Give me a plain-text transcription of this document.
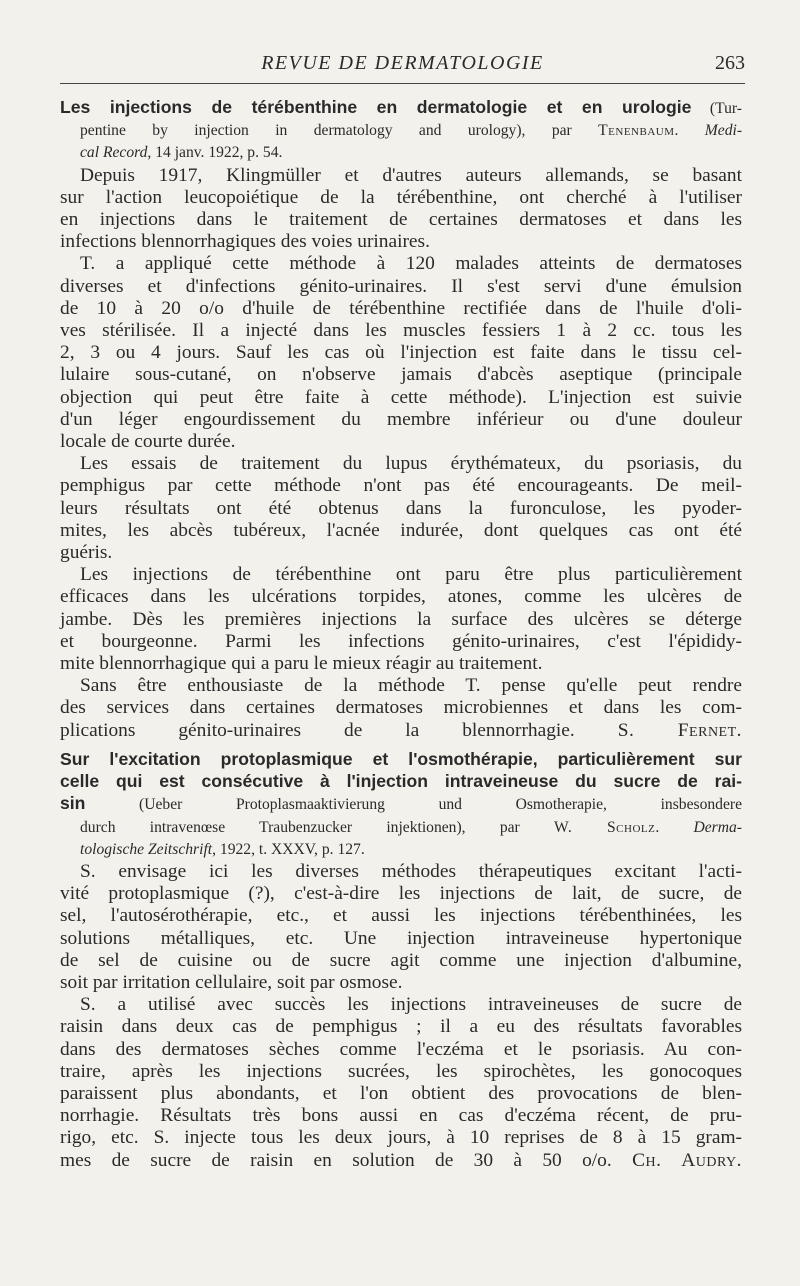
REVUE DE DERMATOLOGIE	263
Les injections de térébenthine en dermatologie et en urologie (Tur-
pentine by injection in dermatology and urology), par Tenenbaum. Medi-
cal Record, 14 janv. 1922, p. 54.
Depuis 1917, Klingmüller et d'autres auteurs allemands, se basant
sur l'action leucopoiétique de la térébenthine, ont cherché à l'utiliser
en injections dans le traitement de certaines dermatoses et dans les
infections blennorrhagiques des voies urinaires.
T. a appliqué cette méthode à 120 malades atteints de dermatoses
diverses et d'infections génito-urinaires. Il s'est servi d'une émulsion
de 10 à 20 o/o d'huile de térébenthine rectifiée dans de l'huile d'oli-
ves stérilisée. Il a injecté dans les muscles fessiers 1 à 2 cc. tous les
2, 3 ou 4 jours. Sauf les cas où l'injection est faite dans le tissu cel-
lulaire sous-cutané, on n'observe jamais d'abcès aseptique (principale
objection qui peut être faite à cette méthode). L'injection est suivie
d'un léger engourdissement du membre inférieur ou d'une douleur
locale de courte durée.
Les essais de traitement du lupus érythémateux, du psoriasis, du
pemphigus par cette méthode n'ont pas été encourageants. De meil-
leurs résultats ont été obtenus dans la furonculose, les pyoder-
mites, les abcès tubéreux, l'acnée indurée, dont quelques cas ont été
guéris.
Les injections de térébenthine ont paru être plus particulièrement
efficaces dans les ulcérations torpides, atones, comme les ulcères de
jambe. Dès les premières injections la surface des ulcères se déterge
et bourgeonne. Parmi les infections génito-urinaires, c'est l'épididy-
mite blennorrhagique qui a paru le mieux réagir au traitement.
Sans être enthousiaste de la méthode T. pense qu'elle peut rendre
des services dans certaines dermatoses microbiennes et dans les com-
plications génito-urinaires de la blennorrhagie. S. Fernet.
Sur l'excitation protoplasmique et l'osmothérapie, particulièrement sur
celle qui est consécutive à l'injection intraveineuse du sucre de rai-
sin (Ueber Protoplasmaaktivierung und Osmotherapie, insbesondere
durch intravenœse Traubenzucker injektionen), par W. Scholz. Derma-
tologische Zeitschrift, 1922, t. XXXV, p. 127.
S. envisage ici les diverses méthodes thérapeutiques excitant l'acti-
vité protoplasmique (?), c'est-à-dire les injections de lait, de sucre, de
sel, l'autosérothérapie, etc., et aussi les injections térébenthinées, les
solutions métalliques, etc. Une injection intraveineuse hypertonique
de sel de cuisine ou de sucre agit comme une injection d'albumine,
soit par irritation cellulaire, soit par osmose.
S. a utilisé avec succès les injections intraveineuses de sucre de
raisin dans deux cas de pemphigus ; il a eu des résultats favorables
dans des dermatoses sèches comme l'eczéma et le psoriasis. Au con-
traire, après les injections sucrées, les spirochètes, les gonocoques
paraissent plus abondants, et l'on obtient des provocations de blen-
norrhagie. Résultats très bons aussi en cas d'eczéma récent, de pru-
rigo, etc. S. injecte tous les deux jours, à 10 reprises de 8 à 15 gram-
mes de sucre de raisin en solution de 30 à 50 o/o. Ch. Audry.
